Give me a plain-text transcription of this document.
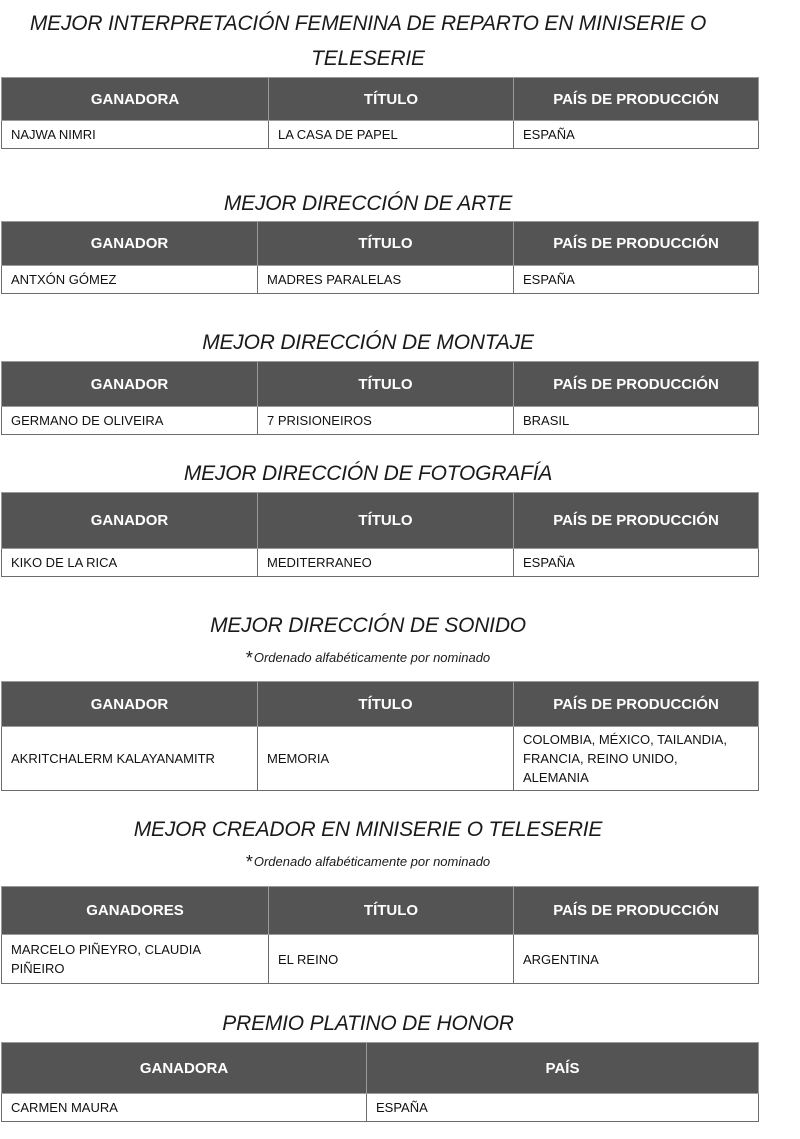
MEJOR INTERPRETACIÓN FEMENINA DE REPARTO EN MINISERIE O TELESERIE
GANADORA	TÍTULO	PAÍS DE PRODUCCIÓN
NAJWA NIMRI	LA CASA DE PAPEL	ESPAÑA
MEJOR DIRECCIÓN DE ARTE
GANADOR	TÍTULO	PAÍS DE PRODUCCIÓN
ANTXÓN GÓMEZ	MADRES PARALELAS	ESPAÑA
MEJOR DIRECCIÓN DE MONTAJE
GANADOR	TÍTULO	PAÍS DE PRODUCCIÓN
GERMANO DE OLIVEIRA	7 PRISIONEIROS	BRASIL
MEJOR DIRECCIÓN DE FOTOGRAFÍA
GANADOR	TÍTULO	PAÍS DE PRODUCCIÓN
KIKO DE LA RICA	MEDITERRANEO	ESPAÑA
MEJOR DIRECCIÓN DE SONIDO
*Ordenado alfabéticamente por nominado
GANADOR	TÍTULO	PAÍS DE PRODUCCIÓN
AKRITCHALERM KALAYANAMITR	MEMORIA	COLOMBIA, MÉXICO, TAILANDIA, FRANCIA, REINO UNIDO, ALEMANIA
MEJOR CREADOR EN MINISERIE O TELESERIE
*Ordenado alfabéticamente por nominado
GANADORES	TÍTULO	PAÍS DE PRODUCCIÓN
MARCELO PIÑEYRO, CLAUDIA PIÑEIRO	EL REINO	ARGENTINA
PREMIO PLATINO DE HONOR
GANADORA	PAÍS
CARMEN MAURA	ESPAÑA
